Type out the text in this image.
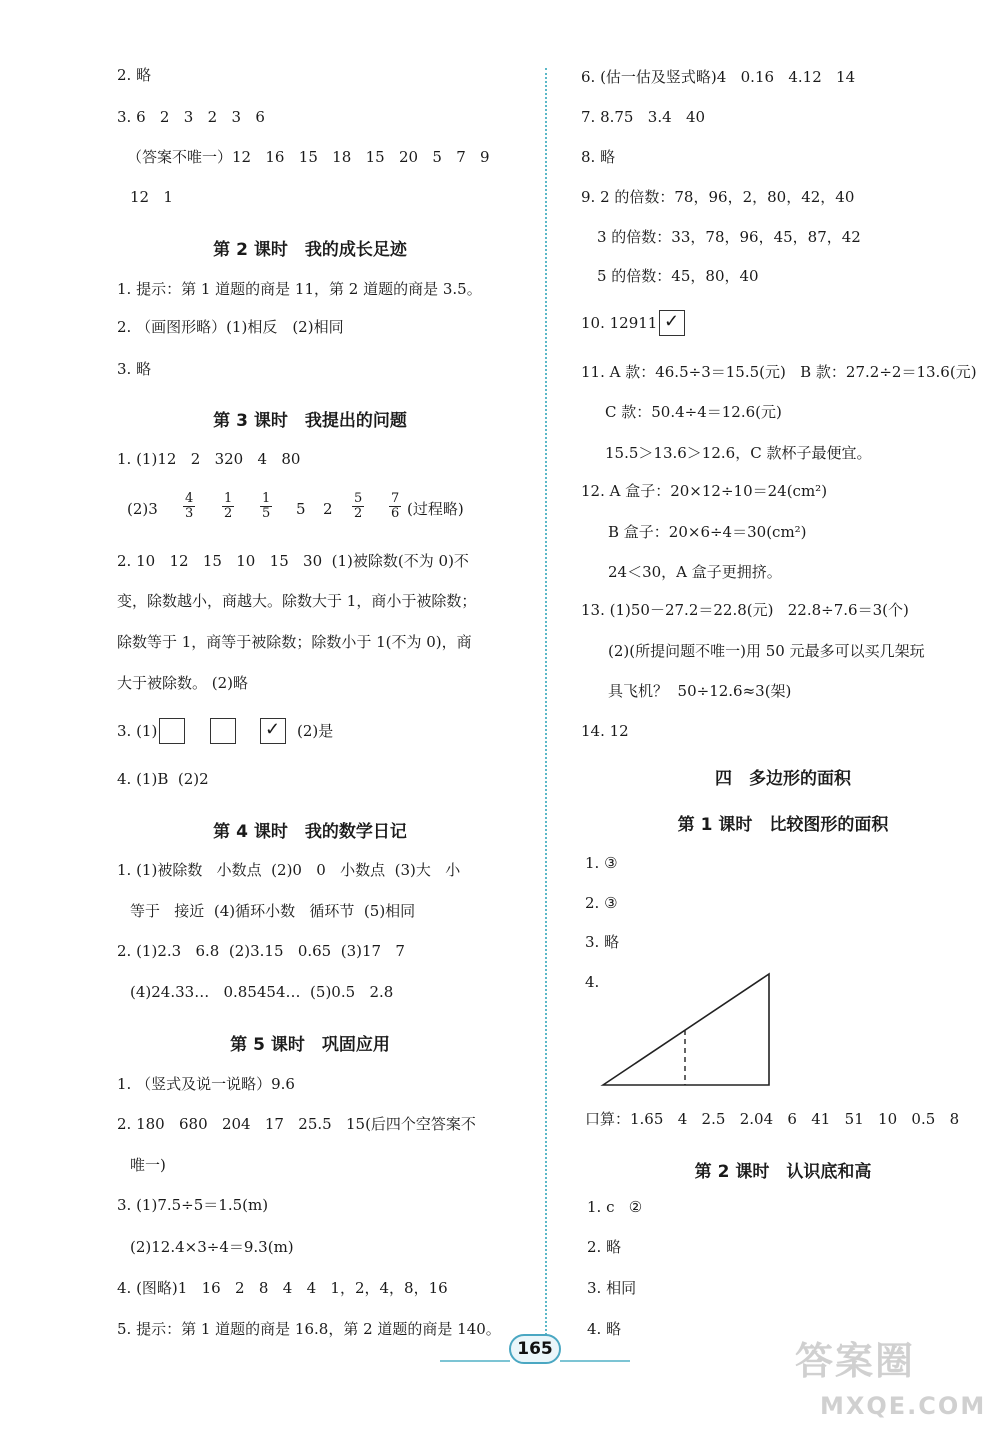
2. 略
3. 6   2   3   2   3   6
（答案不唯一）12   16   15   18   15   20   5   7   9
12   1
第 2 课时　我的成长足迹
1. 提示：第 1 道题的商是 11，第 2 道题的商是 3.5。
2. （画图形略）(1)相反　(2)相同
3. 略
第 3 课时　我提出的问题
1. (1)12   2   320   4   80
$(2)3 \frac{4}{3} \frac{1}{2} \frac{1}{5} 5$ $2 \frac{5}{2} \frac{7}{6}$ (过程略)
2. 10   12   15   10   15   30  (1)被除数(不为 0)不
变，除数越小，商越大。除数大于 1，商小于被除数；
除数等于 1，商等于被除数；除数小于 1(不为 0)，商
大于被除数。 (2)略
3. (1)	✓ (2)是
4. (1)B  (2)2
第 4 课时　我的数学日记
1. (1)被除数   小数点  (2)0   0   小数点  (3)大   小
等于   接近  (4)循环小数   循环节  (5)相同
2. (1)2.3   6.8  (2)3.15   0.65  (3)17   7
(4)24.33…   0.85454…  (5)0.5   2.8
第 5 课时　巩固应用
1. （竖式及说一说略）9.6
2. 180   680   204   17   25.5   15(后四个空答案不
唯一)
3. (1)7.5÷5＝1.5(m)
(2)12.4×3÷4＝9.3(m)
4. (图略)1   16   2   8   4   4   1，2，4，8，16
5. 提示：第 1 道题的商是 16.8，第 2 道题的商是 140。
6. (估一估及竖式略)4   0.16   4.12   14
7. 8.75   3.4   40
8. 略
9. 2 的倍数：78，96，2，80，42，40
3 的倍数：33，78，96，45，87，42
5 的倍数：45，80，40
10. 12911 ✓
11. A 款：46.5÷3＝15.5(元)   B 款：27.2÷2＝13.6(元)
C 款：50.4÷4＝12.6(元)
15.5＞13.6＞12.6，C 款杯子最便宜。
12. A 盒子：20×12÷10＝24(cm²)
B 盒子：20×6÷4＝30(cm²)
24＜30，A 盒子更拥挤。
13. (1)50－27.2＝22.8(元)   22.8÷7.6＝3(个)
(2)(所提问题不唯一)用 50 元最多可以买几架玩
具飞机？  50÷12.6≈3(架)
14. 12
四　多边形的面积
第 1 课时　比较图形的面积
1. ③
2. ③
3. 略
4.
口算：1.65   4   2.5   2.04   6   41   51   10   0.5   8
第 2 课时　认识底和高
1. c   ②
2. 略
3. 相同
4. 略
165	答案圈
MXQE.COM
